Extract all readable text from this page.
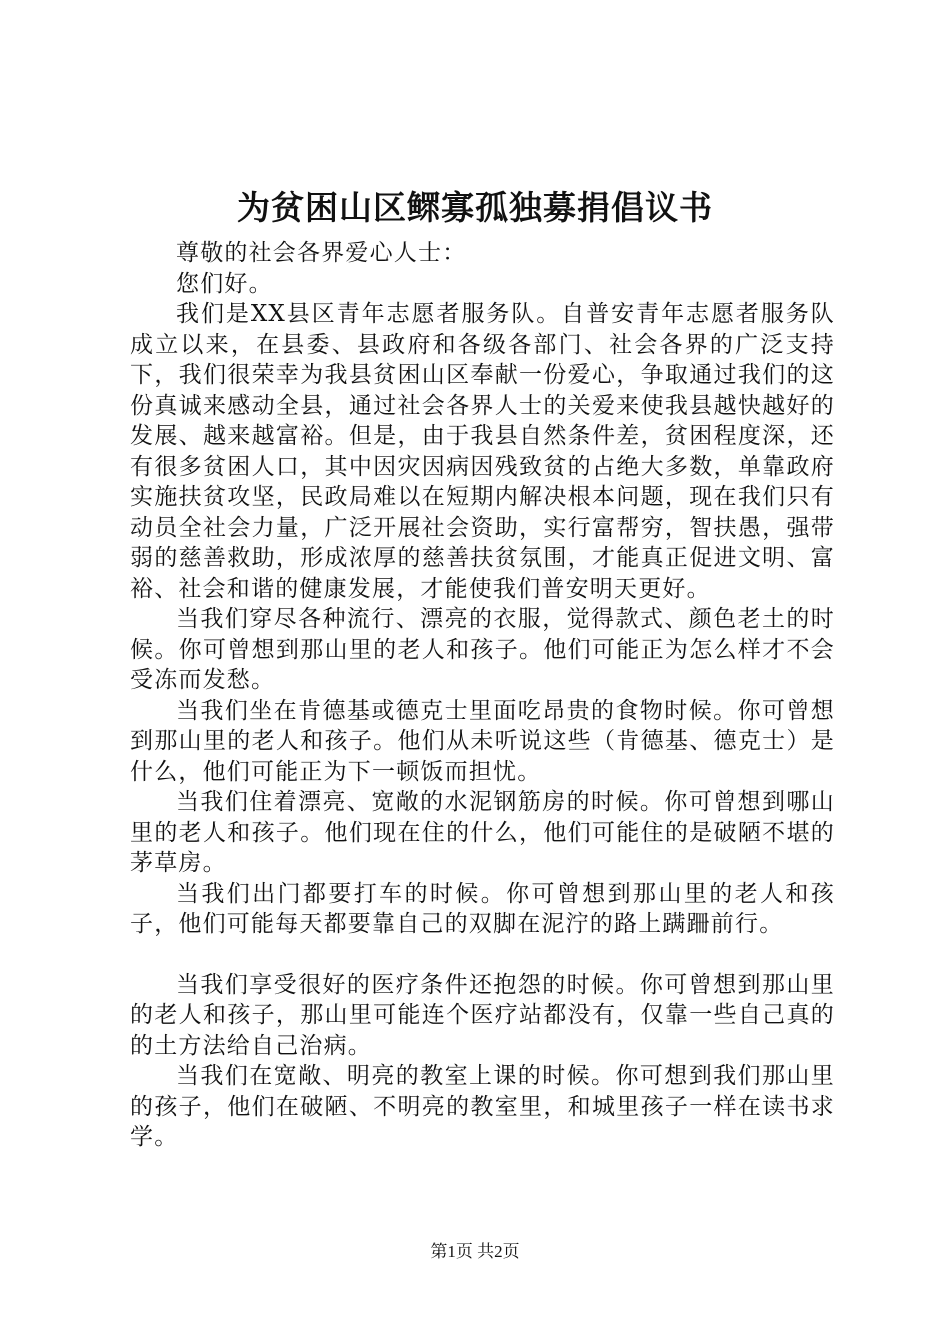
为贫困山区鳏寡孤独募捐倡议书

尊敬的社会各界爱心人士：

您们好。

我们是XX县区青年志愿者服务队。自普安青年志愿者服务队成立以来，在县委、县政府和各级各部门、社会各界的广泛支持下，我们很荣幸为我县贫困山区奉献一份爱心，争取通过我们的这份真诚来感动全县，通过社会各界人士的关爱来使我县越快越好的发展、越来越富裕。但是，由于我县自然条件差，贫困程度深，还有很多贫困人口，其中因灾因病因残致贫的占绝大多数，单靠政府实施扶贫攻坚，民政局难以在短期内解决根本问题，现在我们只有动员全社会力量，广泛开展社会资助，实行富帮穷，智扶愚，强带弱的慈善救助，形成浓厚的慈善扶贫氛围，才能真正促进文明、富裕、社会和谐的健康发展，才能使我们普安明天更好。

当我们穿尽各种流行、漂亮的衣服，觉得款式、颜色老土的时候。你可曾想到那山里的老人和孩子。他们可能正为怎么样才不会受冻而发愁。

当我们坐在肯德基或德克士里面吃昂贵的食物时候。你可曾想到那山里的老人和孩子。他们从未听说这些（肯德基、德克士）是什么，他们可能正为下一顿饭而担忧。

当我们住着漂亮、宽敞的水泥钢筋房的时候。你可曾想到哪山里的老人和孩子。他们现在住的什么，他们可能住的是破陋不堪的茅草房。

当我们出门都要打车的时候。你可曾想到那山里的老人和孩子，他们可能每天都要靠自己的双脚在泥泞的路上蹒跚前行。

当我们享受很好的医疗条件还抱怨的时候。你可曾想到那山里的老人和孩子，那山里可能连个医疗站都没有，仅靠一些自己真的的土方法给自己治病。

当我们在宽敞、明亮的教室上课的时候。你可想到我们那山里的孩子，他们在破陋、不明亮的教室里，和城里孩子一样在读书求学。

第1页 共2页
